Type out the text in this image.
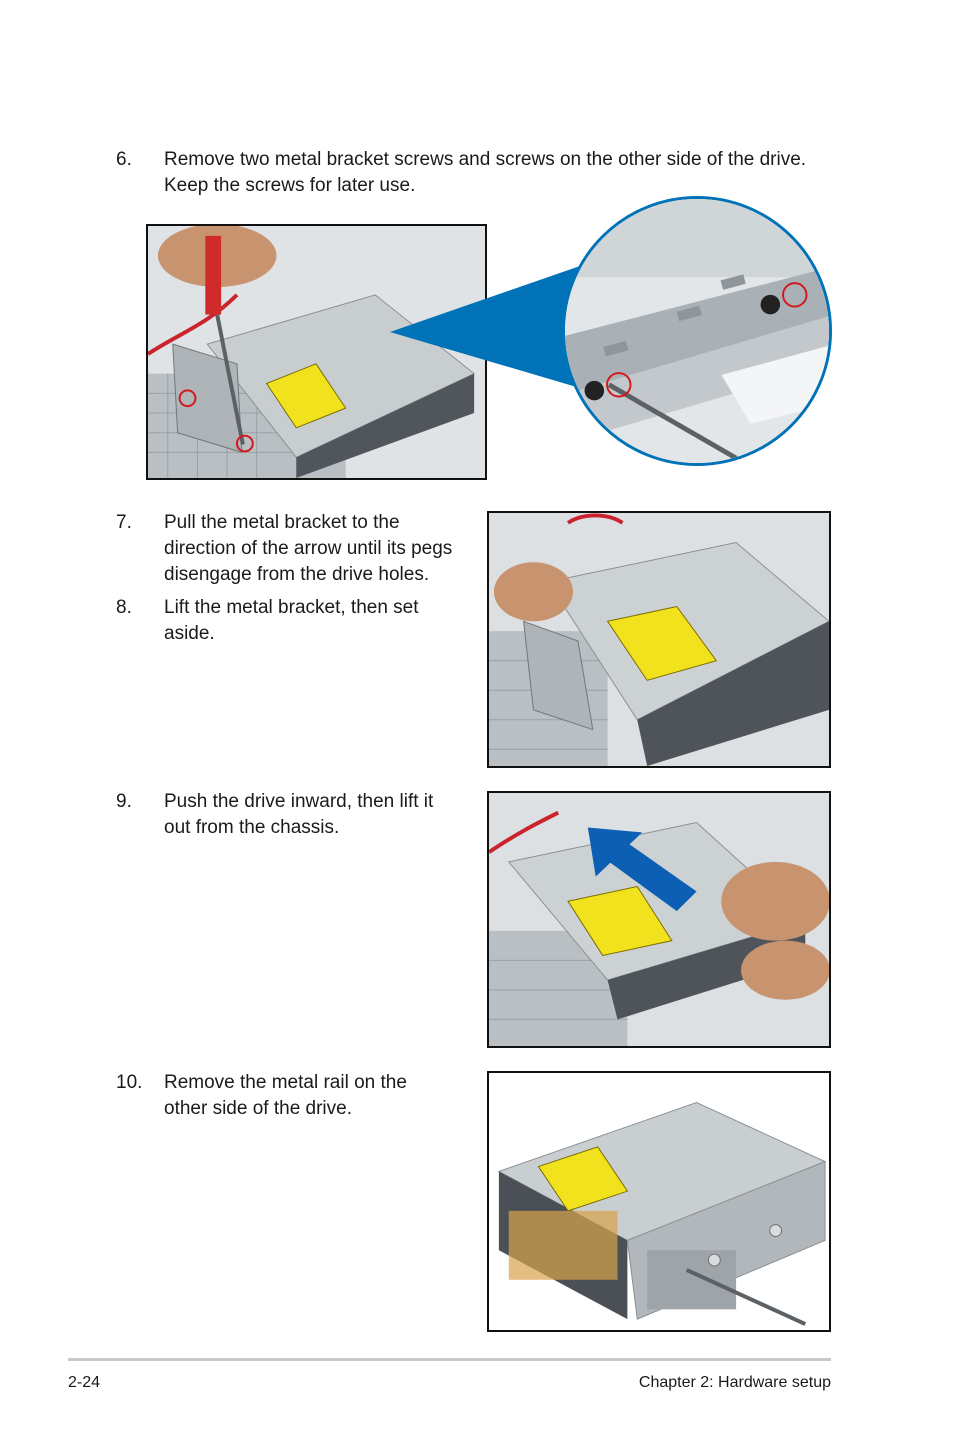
6. Remove two metal bracket screws and screws on the other side of the drive. Keep the screws for later use.
7. Pull the metal bracket to the direction of the arrow until its pegs disengage from the drive holes.
8. Lift the metal bracket, then set aside.
9. Push the drive inward, then lift it out from the chassis.
10. Remove the metal rail on the other side of the drive.
2-24	Chapter 2: Hardware setup
